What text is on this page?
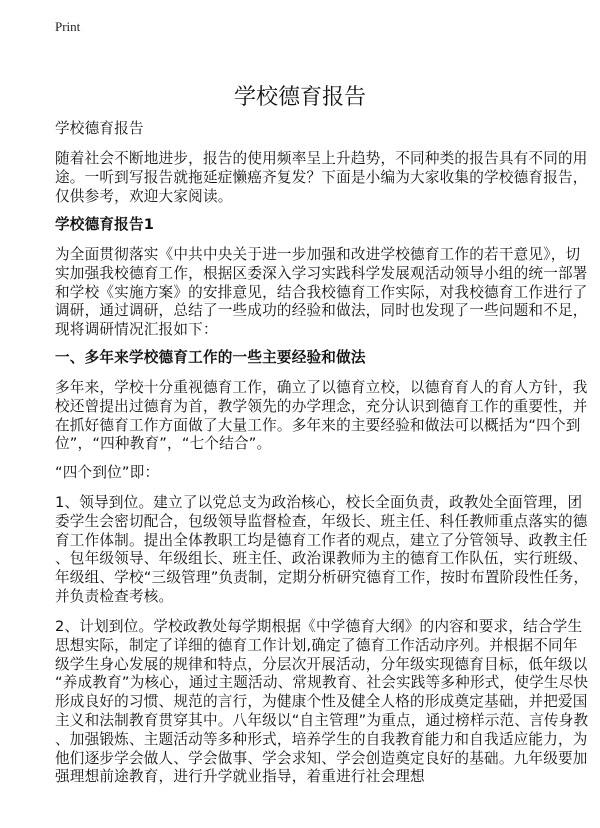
Print
学校德育报告
学校德育报告
随着社会不断地进步，报告的使用频率呈上升趋势，不同种类的报告具有不同的用
途。一听到写报告就拖延症懒癌齐复发？下面是小编为大家收集的学校德育报告，
仅供参考，欢迎大家阅读。
学校德育报告1
为全面贯彻落实《中共中央关于进一步加强和改进学校德育工作的若干意见》，切
实加强我校德育工作，根据区委深入学习实践科学发展观活动领导小组的统一部署
和学校《实施方案》的安排意见，结合我校德育工作实际，对我校德育工作进行了
调研，通过调研，总结了一些成功的经验和做法，同时也发现了一些问题和不足，
现将调研情况汇报如下：
一、多年来学校德育工作的一些主要经验和做法
多年来，学校十分重视德育工作，确立了以德育立校，以德育育人的育人方针，我
校还曾提出过德育为首，教学领先的办学理念，充分认识到德育工作的重要性，并
在抓好德育工作方面做了大量工作。多年来的主要经验和做法可以概括为“四个到
位”，“四种教育”，“七个结合”。
“四个到位”即：
1、领导到位。建立了以党总支为政治核心，校长全面负责，政教处全面管理，团
委学生会密切配合，包级领导监督检查，年级长、班主任、科任教师重点落实的德
育工作体制。提出全体教职工均是德育工作者的观点，建立了分管领导、政教主任
、包年级领导、年级组长、班主任、政治课教师为主的德育工作队伍，实行班级、
年级组、学校“三级管理”负责制，定期分析研究德育工作，按时布置阶段性任务，
并负责检查考核。
2、计划到位。学校政教处每学期根据《中学德育大纲》的内容和要求，结合学生
思想实际，制定了详细的德育工作计划,确定了德育工作活动序列。并根据不同年
级学生身心发展的规律和特点，分层次开展活动，分年级实现德育目标，低年级以
“养成教育”为核心，通过主题活动、常规教育、社会实践等多种形式，使学生尽快
形成良好的习惯、规范的言行，为健康个性及健全人格的形成奠定基础，并把爱国
主义和法制教育贯穿其中。八年级以“自主管理”为重点，通过榜样示范、言传身教
、加强锻炼、主题活动等多种形式，培养学生的自我教育能力和自我适应能力，为
他们逐步学会做人、学会做事、学会求知、学会创造奠定良好的基础。九年级要加
强理想前途教育，进行升学就业指导，着重进行社会理想
